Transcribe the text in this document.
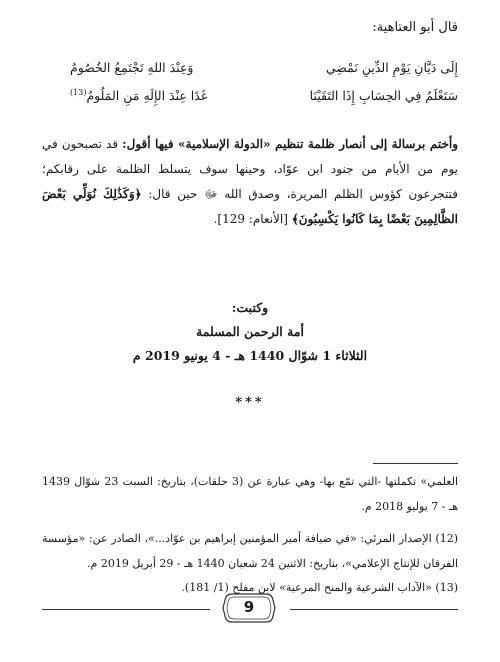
قال أبو العتاهية:
إِلَى دَيَّانِ يَوْمِ الدِّينِ نَمْضِي
وَعِنْدَ اللهِ تَجْتَمِعُ الخُصُومُ
سَتَعْلَمُ فِي الحِسَابِ إِذَا التَقَيْنَا
غَدًا عِنْدَ الإِلَهِ مَنِ المَلُومُ$^{(13)}$
وأختم برسالة إلى أنصار ظلمة تنظيم «الدولة الإسلامية» فيها أقول: قد تصبحون في يوم من الأيام من جنود ابن عوّاد، وحينها سوف يتسلط الظلمة على رقابكم؛ فتتجرعون كؤوس الظلم المريرة، وصدق الله ﷻ حين قال: ﴿وَكَذَٰلِكَ نُوَلِّي بَعْضَ الظَّالِمِينَ بَعْضًا بِمَا كَانُوا يَكْسِبُونَ﴾ [الأنعام: 129].
وكتبت:
أمة الرحمن المسلمة
الثلاثاء 1 شوّال 1440 هـ - 4 يونيو 2019 م
***

العلمي» تكملتها -التي تمّع بها- وهي عبارة عن (3 حلقات)، بتاريخ: السبت 23 شوّال 1439 هـ - 7 يوليو 2018 م.

(12) الإصدار المرئي: «في ضيافة أمير المؤمنين إبراهيم بن عوّاد...»، الصادر عن: «مؤسسة الفرقان للإنتاج الإعلامي»، بتاريخ: الاثنين 24 شعبان 1440 هـ - 29 أبريل 2019 م.

(13) «الآداب الشرعية والمنح المرعية» لابن مفلح (1/ 181).

9
